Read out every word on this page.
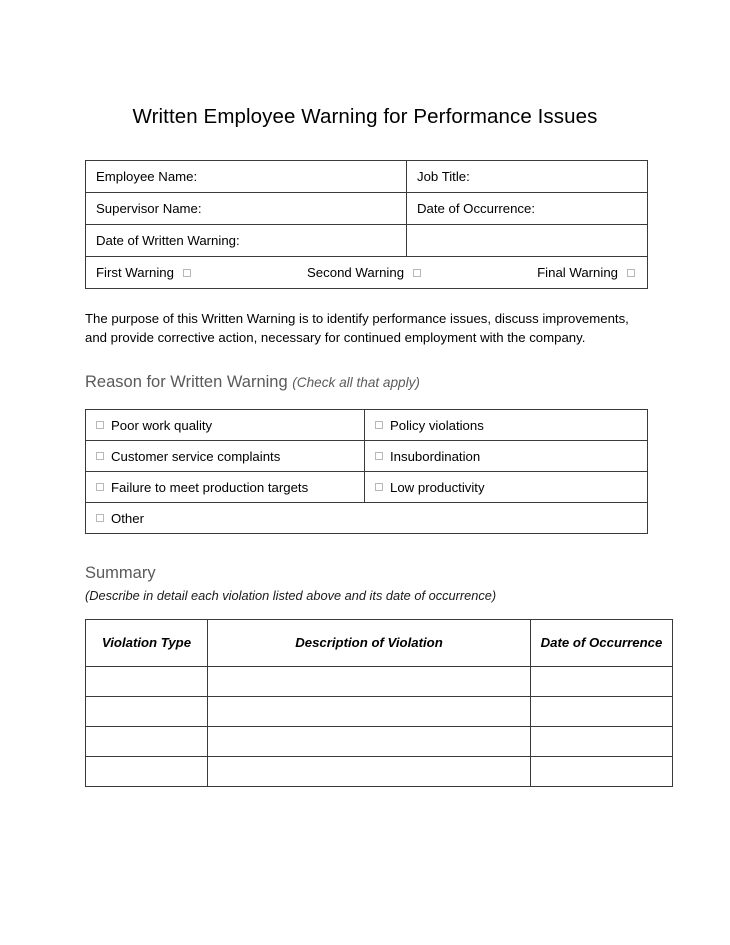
Written Employee Warning for Performance Issues
Employee Name:	Job Title:

Supervisor Name:	Date of Occurrence:

Date of Written Warning:	

First Warning Second Warning Final Warning	

The purpose of this Written Warning is to identify performance issues, discuss improvements, and provide corrective action, necessary for continued employment with the company.

Reason for Written Warning (Check all that apply)
Poor work quality	Policy violations

Customer service complaints	Insubordination

Failure to meet production targets	Low productivity

Other	
Summary

(Describe in detail each violation listed above and its date of occurrence)

Violation Type	Description of Violation	Date of Occurrence
